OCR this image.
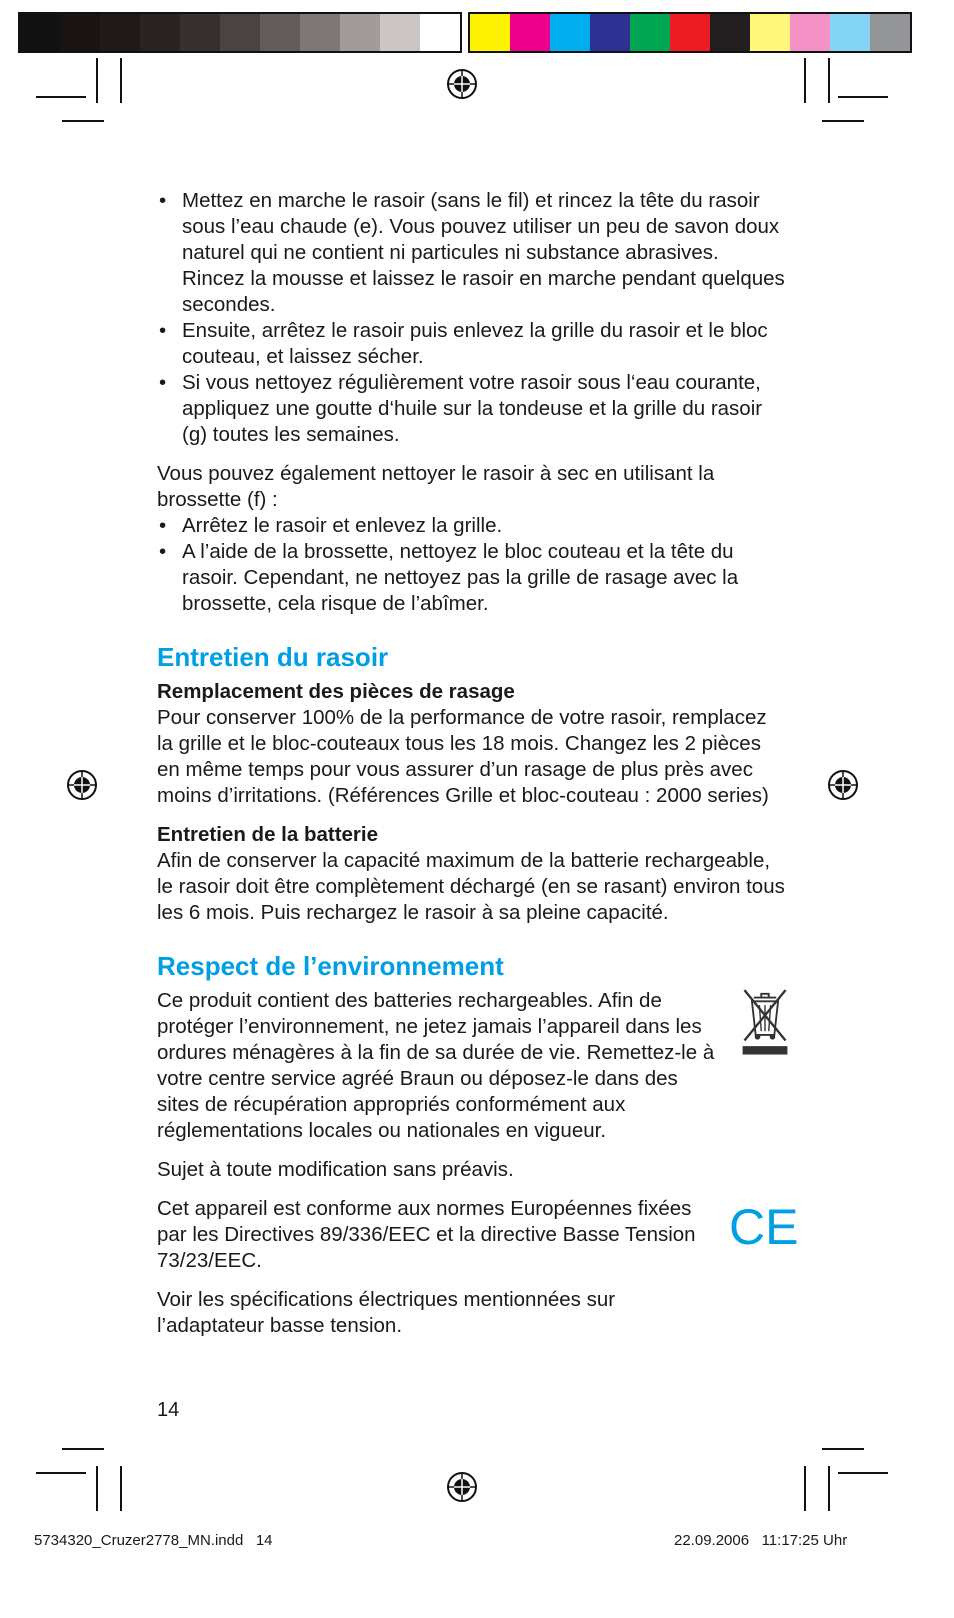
• Mettez en marche le rasoir (sans le fil) et rincez la tête du rasoir sous l’eau chaude (e). Vous pouvez utiliser un peu de savon doux naturel qui ne contient ni particules ni substance abrasives. Rincez la mousse et laissez le rasoir en marche pendant quelques secondes.
• Ensuite, arrêtez le rasoir puis enlevez la grille du rasoir et le bloc couteau, et laissez sécher.
• Si vous nettoyez régulièrement votre rasoir sous l‘eau courante, appliquez une goutte d‘huile sur la tondeuse et la grille du rasoir (g) toutes les semaines.

Vous pouvez également nettoyer le rasoir à sec en utilisant la brossette (f) :

• Arrêtez le rasoir et enlevez la grille.
• A l’aide de la brossette, nettoyez le bloc couteau et la tête du rasoir. Cependant, ne nettoyez pas la grille de rasage avec la brossette, cela risque de l’abîmer.
Entretien du rasoir

Remplacement des pièces de rasage

Pour conserver 100% de la performance de votre rasoir, remplacez la grille et le bloc-couteaux tous les 18 mois. Changez les 2 pièces en même temps pour vous assurer d’un rasage de plus près avec moins d’irritations. (Références Grille et bloc-couteau : 2000 series)

Entretien de la batterie

Afin de conserver la capacité maximum de la batterie rechargeable, le rasoir doit être complètement déchargé (en se rasant) environ tous les 6 mois. Puis rechargez le rasoir à sa pleine capacité.

Respect de l’environnement

Ce produit contient des batteries rechargeables. Afin de protéger l’environnement, ne jetez jamais l’appareil dans les ordures ménagères à la fin de sa durée de vie. Remettez-le à votre centre service agréé Braun ou déposez-le dans des sites de récupération appropriés conformément aux réglementations locales ou nationales en vigueur.

Sujet à toute modification sans préavis.

Cet appareil est conforme aux normes Européennes fixées par les Directives 89/336/EEC et la directive Basse Tension 73/23/EEC.

CE

Voir les spécifications électriques mentionnées sur l’adaptateur basse tension.

14
5734320_Cruzer2778_MN.indd   14	22.09.2006   11:17:25 Uhr
